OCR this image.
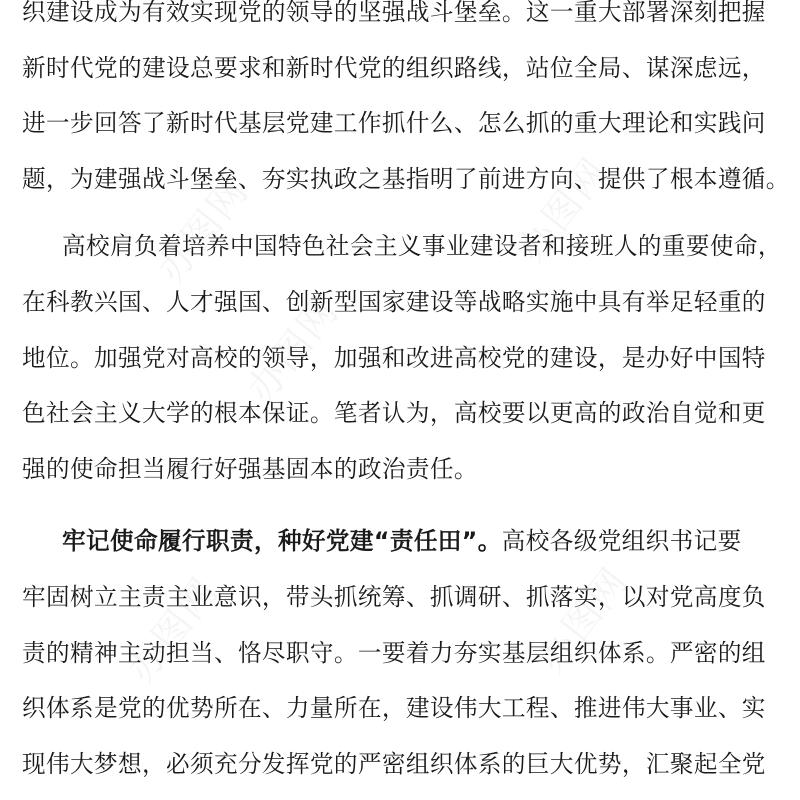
织建设成为有效实现党的领导的坚强战斗堡垒。这一重大部署深刻把握
新时代党的建设总要求和新时代党的组织路线，站位全局、谋深虑远，
进一步回答了新时代基层党建工作抓什么、怎么抓的重大理论和实践问
题，为建强战斗堡垒、夯实执政之基指明了前进方向、提供了根本遵循。
高校肩负着培养中国特色社会主义事业建设者和接班人的重要使命，
在科教兴国、人才强国、创新型国家建设等战略实施中具有举足轻重的
地位。加强党对高校的领导，加强和改进高校党的建设，是办好中国特
色社会主义大学的根本保证。笔者认为，高校要以更高的政治自觉和更
强的使命担当履行好强基固本的政治责任。
牢记使命履行职责，种好党建“责任田”。高校各级党组织书记要
牢固树立主责主业意识，带头抓统筹、抓调研、抓落实，以对党高度负
责的精神主动担当、恪尽职守。一要着力夯实基层组织体系。严密的组
织体系是党的优势所在、力量所在，建设伟大工程、推进伟大事业、实
现伟大梦想，必须充分发挥党的严密组织体系的巨大优势，汇聚起全党
